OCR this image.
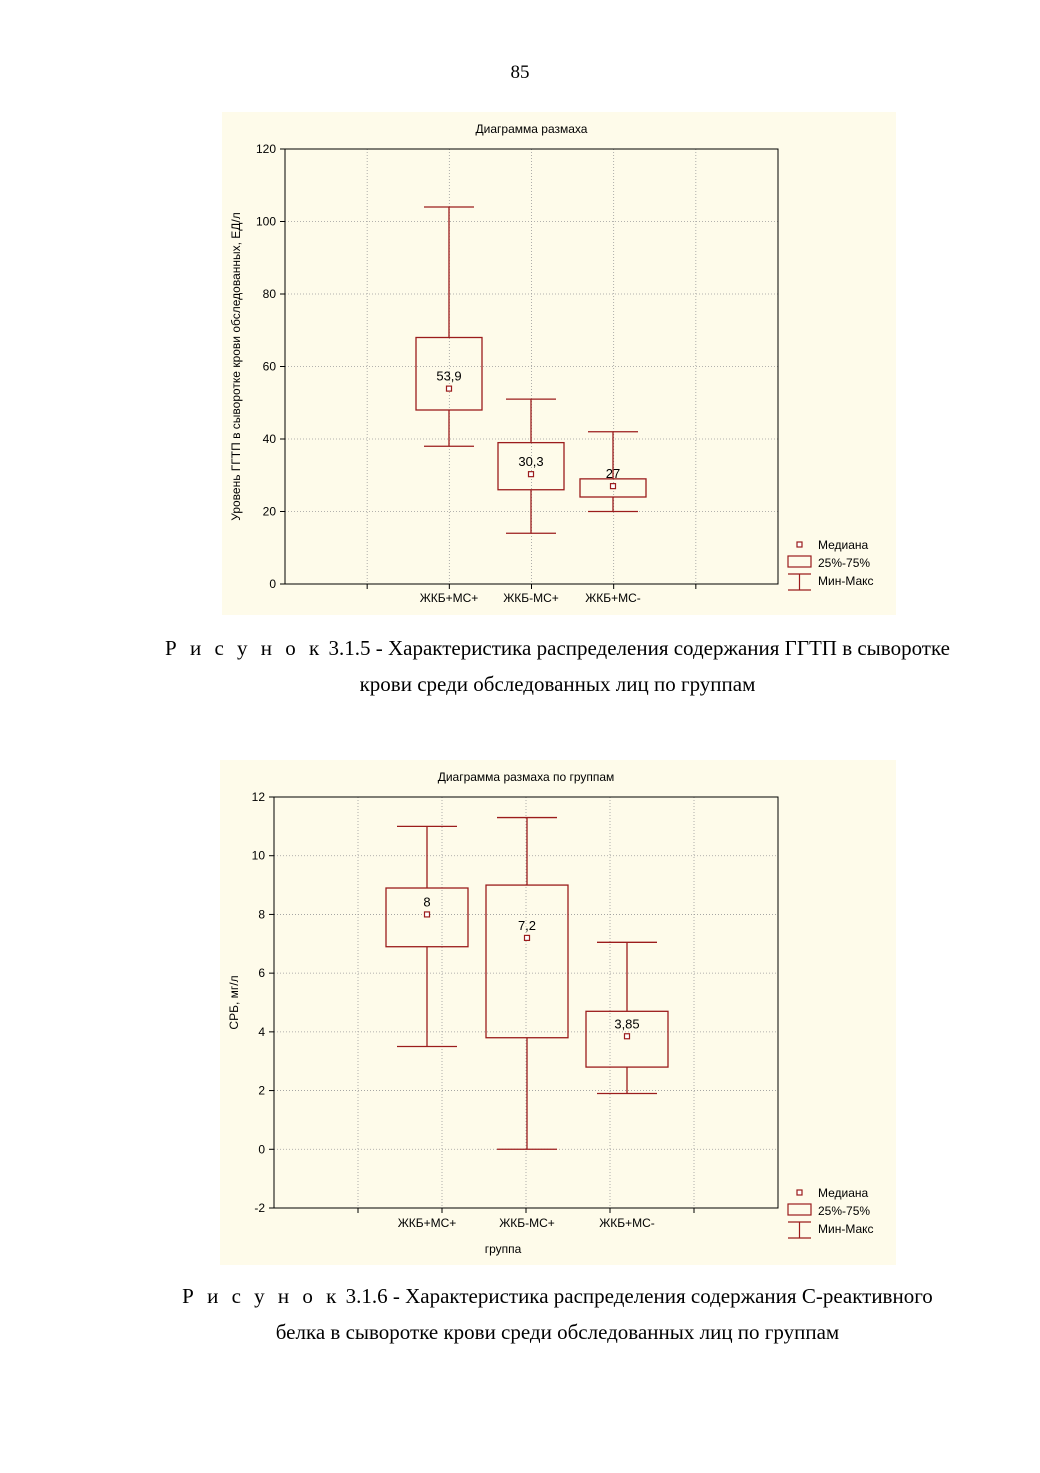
85
Диаграмма размаха
0
20
40
60
80
100
120
Уровень ГГТП в сыворотке крови обследованных, ЕД/л	53,9
ЖКБ+МС+
30,3
ЖКБ-МС+
27
ЖКБ+МС-
Медиана
25%-75%
Мин-Макс
Р и с у н о к 3.1.5 - Характеристика распределения содержания ГГТП в сыворотке
крови среди обследованных лиц по группам
Диаграмма размаха по группам
-2
0
2
4
6
8
10
12
СРБ, мг/л
группа
8
ЖКБ+МС+
7,2
ЖКБ-МС+
3,85
ЖКБ+МС-
Медиана
25%-75%
Мин-Макс
Р и с у н о к 3.1.6 - Характеристика распределения содержания С-реактивного
белка в сыворотке крови среди обследованных лиц по группам
